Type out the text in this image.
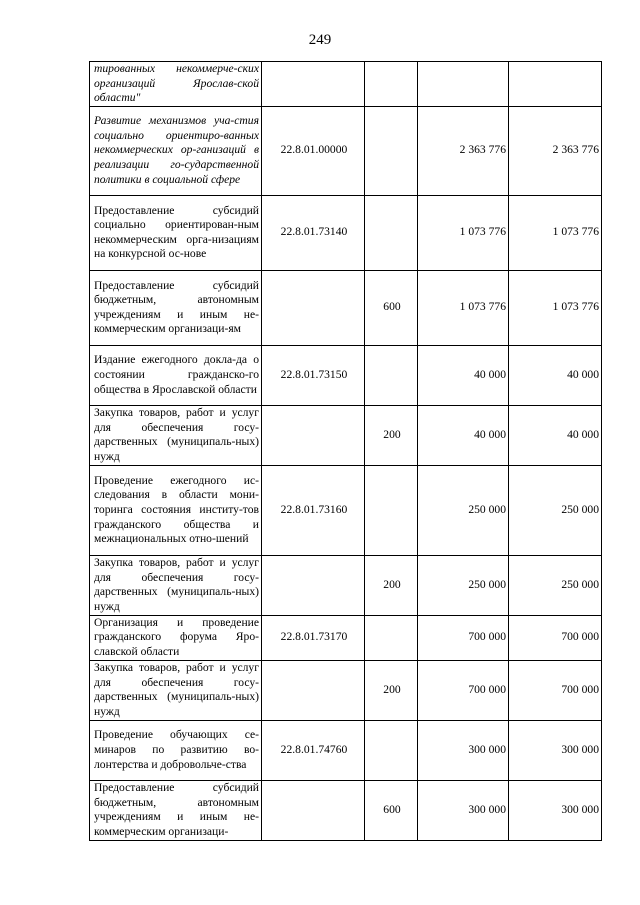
249
тированных некоммерче-ских организаций Ярослав-ской области"				
Развитие механизмов уча-стия социально ориентиро-ванных некоммерческих ор-ганизаций в реализации го-сударственной политики в социальной сфере	22.8.01.00000		2 363 776	2 363 776
Предоставление субсидий социально ориентирован-ным некоммерческим орга-низациям на конкурсной ос-нове	22.8.01.73140		1 073 776	1 073 776
Предоставление субсидий бюджетным, автономным учреждениям и иным не-коммерческим организаци-ям		600	1 073 776	1 073 776
Издание ежегодного докла-да о состоянии гражданско-го общества в Ярославской области	22.8.01.73150		40 000	40 000
Закупка товаров, работ и услуг для обеспечения госу-дарственных (муниципаль-ных) нужд		200	40 000	40 000
Проведение ежегодного ис-следования в области мони-торинга состояния институ-тов гражданского общества и межнациональных отно-шений	22.8.01.73160		250 000	250 000
Закупка товаров, работ и услуг для обеспечения госу-дарственных (муниципаль-ных) нужд		200	250 000	250 000
Организация и проведение гражданского форума Яро-славской области	22.8.01.73170		700 000	700 000
Закупка товаров, работ и услуг для обеспечения госу-дарственных (муниципаль-ных) нужд		200	700 000	700 000
Проведение обучающих се-минаров по развитию во-лонтерства и добровольче-ства	22.8.01.74760		300 000	300 000
Предоставление субсидий бюджетным, автономным учреждениям и иным не-коммерческим организаци-		600	300 000	300 000
